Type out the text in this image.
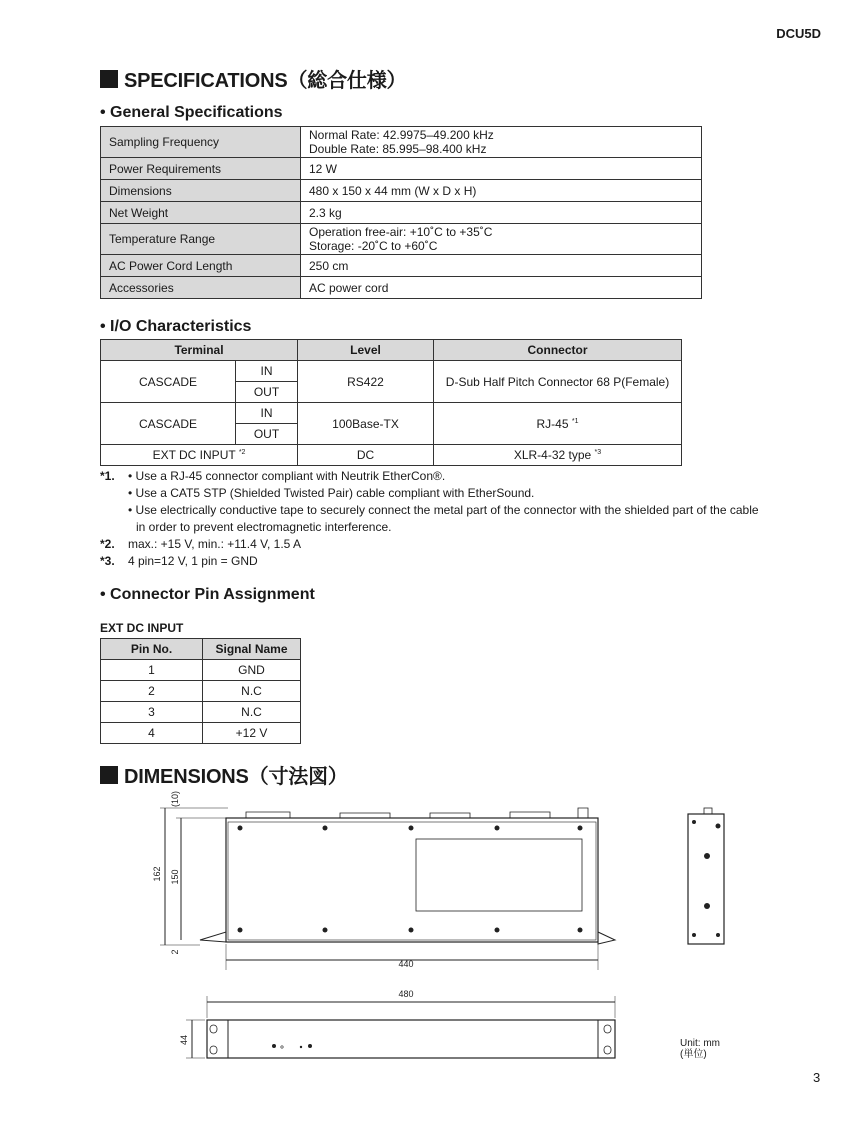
DCU5D
SPECIFICATIONS（総合仕様）
• General Specifications
Sampling Frequency	Normal Rate: 42.9975–49.200 kHz
Double Rate: 85.995–98.400 kHz

Power Requirements	12 W
Dimensions	480 x 150 x 44 mm (W x D x H)
Net Weight	2.3 kg
Temperature Range	Operation free-air: +10˚C to +35˚C
Storage: -20˚C to +60˚C

AC Power Cord Length	250 cm
Accessories	AC power cord
• I/O Characteristics
Terminal		Level	Connector
CASCADE	IN	RS422	D-Sub Half Pitch Connector 68 P(Female)
	OUT		
CASCADE	IN	100Base-TX	RJ-45 $^{*1}$
	OUT		
EXT DC INPUT $^{*2}$		DC	XLR-4-32 type $^{*3}$
*1.	• Use a RJ-45 connector compliant with Neutrik EtherCon®.
• Use a CAT5 STP (Shielded Twisted Pair) cable compliant with EtherSound.
• Use electrically conductive tape to securely connect the metal part of the connector with the shielded part of the cable
in order to prevent electromagnetic interference.
*2.	max.: +15 V, min.: +11.4 V, 1.5 A
*3.	4 pin=12 V, 1 pin = GND
• Connector Pin Assignment
EXT DC INPUT
Pin No.	Signal Name
1	GND
2	N.C
3	N.C
4	+12 V
DIMENSIONS（寸法図）
(10)
162 150
2
440
480
44	Unit: mm
(単位)
3
